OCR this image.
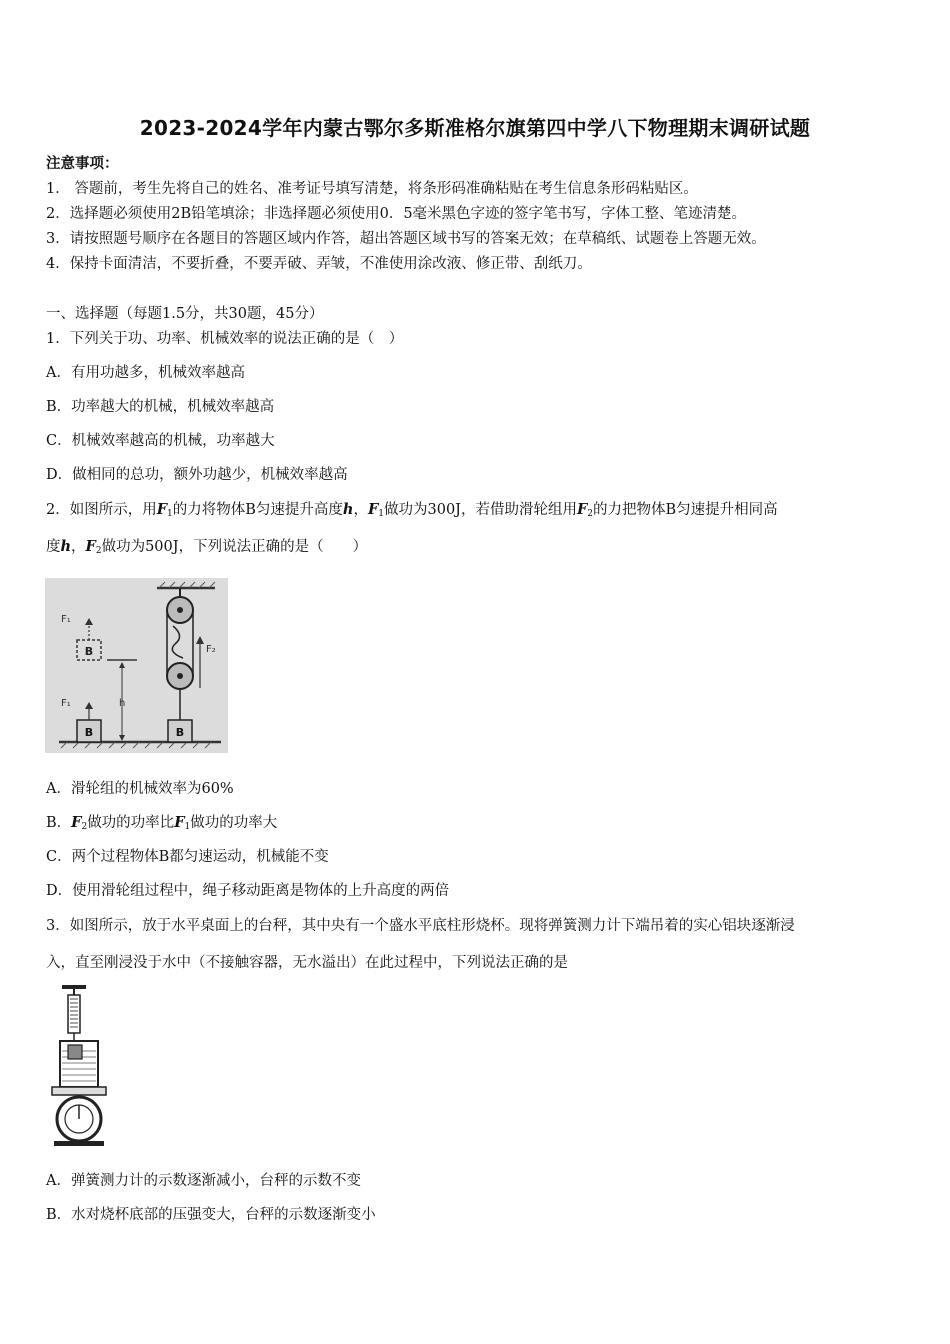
2023-2024学年内蒙古鄂尔多斯准格尔旗第四中学八下物理期末调研试题
注意事项：
1． 答题前，考生先将自己的姓名、准考证号填写清楚，将条形码准确粘贴在考生信息条形码粘贴区。
2．选择题必须使用2B铅笔填涂；非选择题必须使用0．5毫米黑色字迹的签字笔书写，字体工整、笔迹清楚。
3．请按照题号顺序在各题目的答题区域内作答，超出答题区域书写的答案无效；在草稿纸、试题卷上答题无效。
4．保持卡面清洁，不要折叠，不要弄破、弄皱，不准使用涂改液、修正带、刮纸刀。
一、选择题（每题1.5分，共30题，45分）
1．下列关于功、功率、机械效率的说法正确的是（　）
A．有用功越多，机械效率越高
B．功率越大的机械，机械效率越高
C．机械效率越高的机械，功率越大
D．做相同的总功，额外功越少，机械效率越高
2．如图所示，用$F_1$的力将物体B匀速提升高度h，$F_1$做功为300J，若借助滑轮组用$F_2$的力把物体B匀速提升相同高
度h，$F_2$做功为500J，下列说法正确的是（　　）
B
F₁
B
F₁	h
F₂
B
A．滑轮组的机械效率为60%
B．$F_2$做功的功率比$F_1$做功的功率大
C．两个过程物体B都匀速运动，机械能不变
D．使用滑轮组过程中，绳子移动距离是物体的上升高度的两倍
3．如图所示，放于水平桌面上的台秤，其中央有一个盛水平底柱形烧杯。现将弹簧测力计下端吊着的实心铝块逐渐浸
入，直至刚浸没于水中（不接触容器，无水溢出）在此过程中，下列说法正确的是
A．弹簧测力计的示数逐渐减小，台秤的示数不变
B．水对烧杯底部的压强变大，台秤的示数逐渐变小
